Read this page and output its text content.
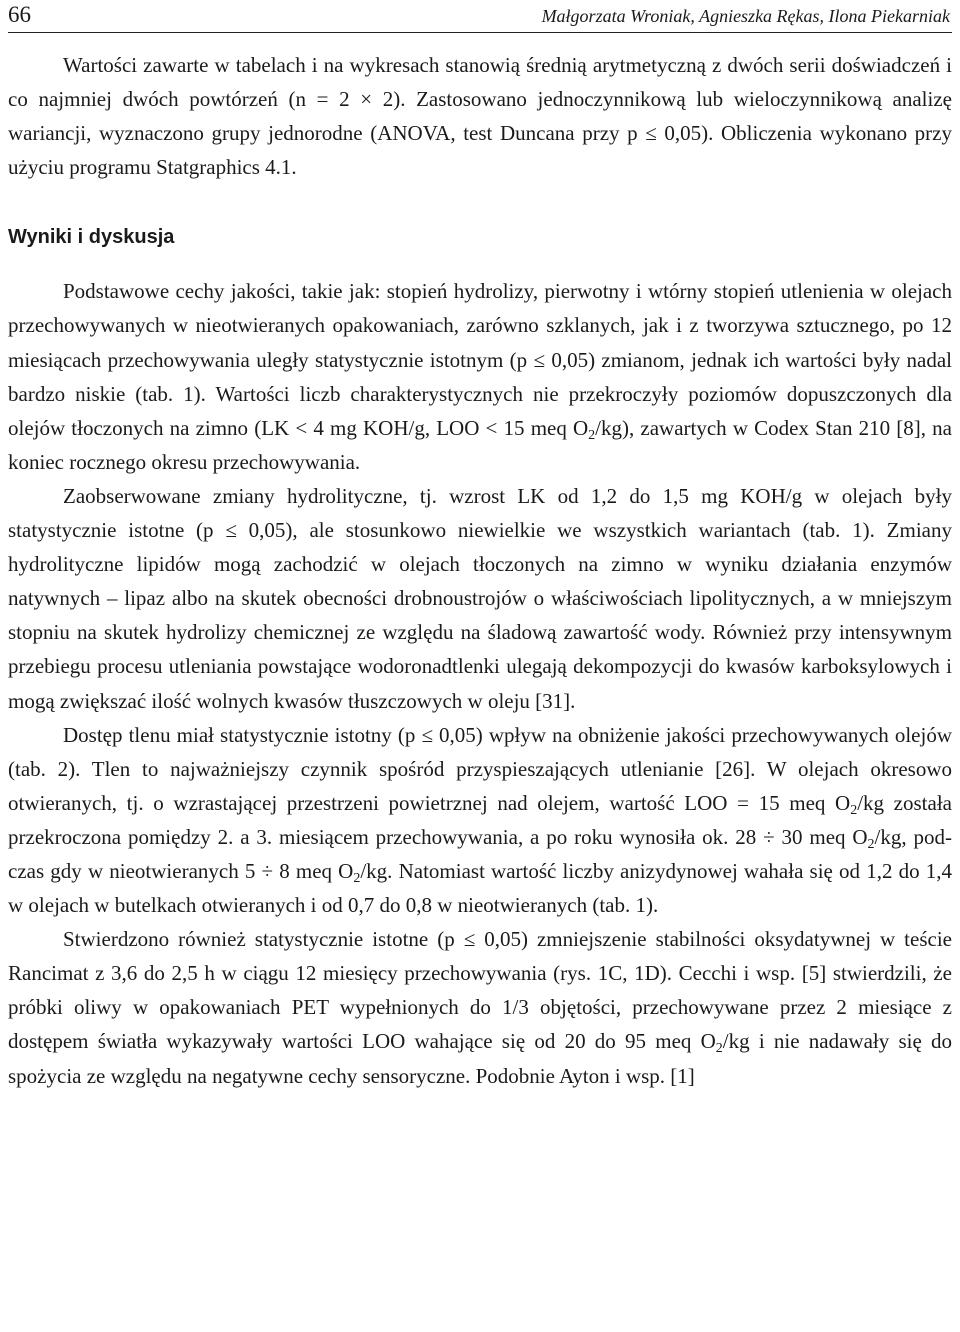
66	Małgorzata Wroniak, Agnieszka Rękas, Ilona Piekarniak

Wartości zawarte w tabelach i na wykresach stanowią średnią arytmetyczną z dwóch serii doświadczeń i co najmniej dwóch powtórzeń (n = 2 × 2). Zastosowano jednoczynnikową lub wieloczynnikową analizę wariancji, wyznaczono grupy jednorodne (ANOVA, test Duncana przy p ≤ 0,05). Obliczenia wykonano przy użyciu programu Statgraphics 4.1.

Wyniki i dyskusja

Podstawowe cechy jakości, takie jak: stopień hydrolizy, pierwotny i wtórny stopień utlenienia w olejach przechowywanych w nieotwieranych opakowaniach, zarówno szklanych, jak i z tworzywa sztucznego, po 12 miesiącach przechowywania uległy statystycznie istotnym (p ≤ 0,05) zmianom, jednak ich wartości były nadal bardzo niskie (tab. 1). Wartości liczb charakterystycznych nie przekroczyły poziomów dopuszczonych dla olejów tłoczonych na zimno (LK < 4 mg KOH/g, LOO < 15 meq $O_2/kg$), zawartych w Codex Stan 210 [8], na koniec rocznego okresu przechowywania.

Zaobserwowane zmiany hydrolityczne, tj. wzrost LK od 1,2 do 1,5 mg KOH/g w olejach były statystycznie istotne (p ≤ 0,05), ale stosunkowo niewielkie we wszystkich wariantach (tab. 1). Zmiany hydrolityczne lipidów mogą zachodzić w olejach tłoczonych na zimno w wyniku działania enzymów natywnych – lipaz albo na skutek obecności drobnoustrojów o właściwościach lipolitycznych, a w mniejszym stopniu na skutek hydrolizy chemicznej ze względu na śladową zawartość wody. Również przy intensywnym przebiegu procesu utleniania powstające wodoronadtlenki ulegają dekompozycji do kwasów karboksylowych i mogą zwiększać ilość wolnych kwasów tłuszczowych w oleju [31].

Dostęp tlenu miał statystycznie istotny (p ≤ 0,05) wpływ na obniżenie jakości przechowywanych olejów (tab. 2). Tlen to najważniejszy czynnik spośród przyspieszających utlenianie [26]. W olejach okresowo otwieranych, tj. o wzrastającej przestrzeni powietrznej nad olejem, wartość LOO = 15 meq $O_2/kg$ została przekroczona pomiędzy 2. a 3. miesiącem przechowywania, a po roku wynosiła ok. 28 ÷ 30 meq $O_2/kg$, podczas gdy w nieotwieranych 5 ÷ 8 meq $O_2/kg$. Natomiast wartość liczby anizydynowej wahała się od 1,2 do 1,4 w olejach w butelkach otwieranych i od 0,7 do 0,8 w nieotwieranych (tab. 1).

Stwierdzono również statystycznie istotne (p ≤ 0,05) zmniejszenie stabilności oksydatywnej w teście Rancimat z 3,6 do 2,5 h w ciągu 12 miesięcy przechowywania (rys. 1C, 1D). Cecchi i wsp. [5] stwierdzili, że próbki oliwy w opakowaniach PET wypełnionych do 1/3 objętości, przechowywane przez 2 miesiące z dostępem światła wykazywały wartości LOO wahające się od 20 do 95 meq $O_2/kg$ i nie nadawały się do spożycia ze względu na negatywne cechy sensoryczne. Podobnie Ayton i wsp. [1]
